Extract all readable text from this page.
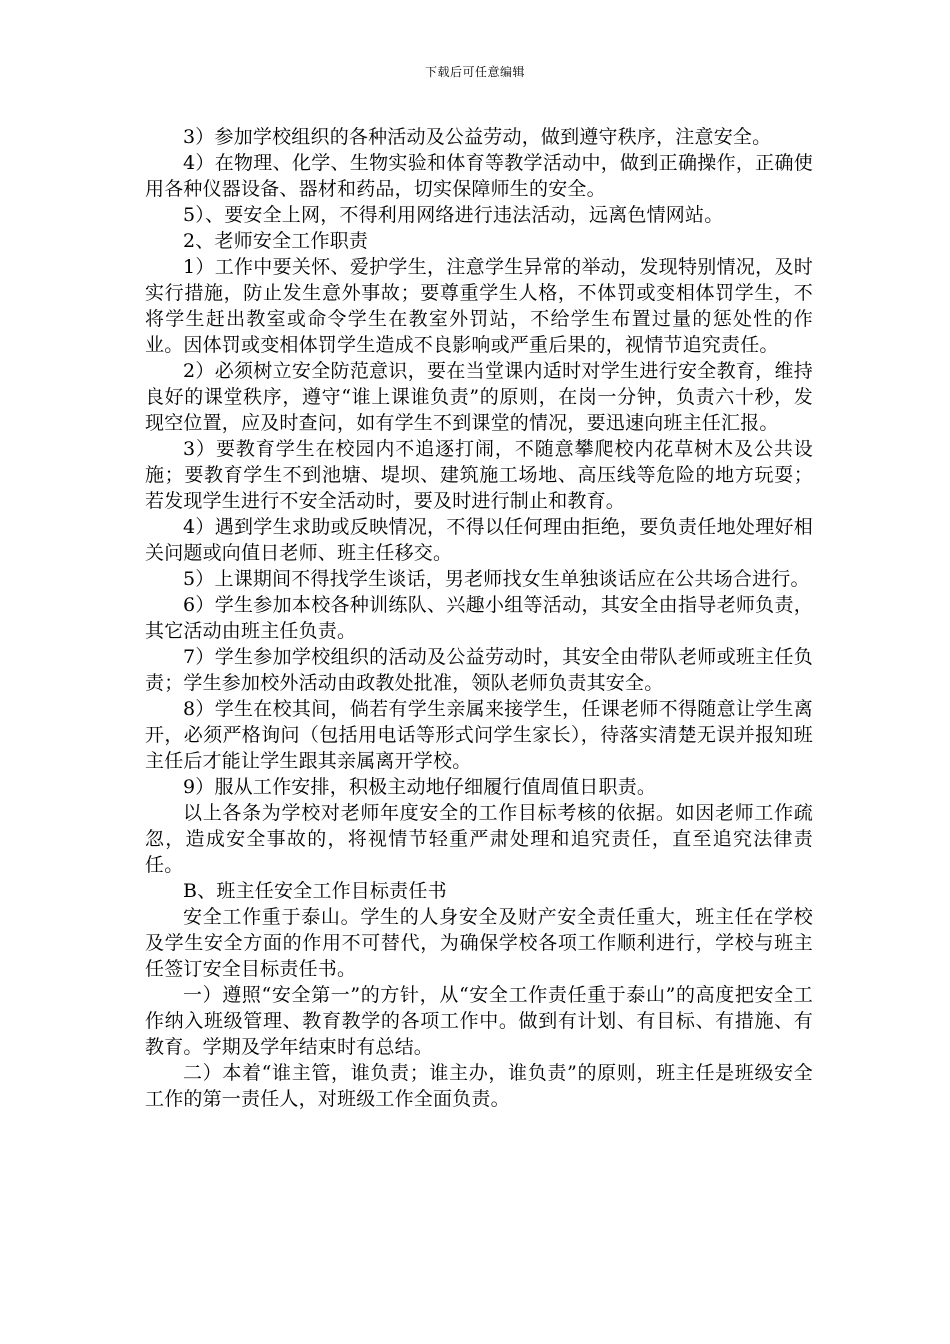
下载后可任意编辑

3）参加学校组织的各种活动及公益劳动，做到遵守秩序，注意安全。

4）在物理、化学、生物实验和体育等教学活动中，做到正确操作，正确使用各种仪器设备、器材和药品，切实保障师生的安全。

5）、要安全上网，不得利用网络进行违法活动，远离色情网站。

2、老师安全工作职责

1）工作中要关怀、爱护学生，注意学生异常的举动，发现特别情况，及时实行措施，防止发生意外事故；要尊重学生人格，不体罚或变相体罚学生，不将学生赶出教室或命令学生在教室外罚站，不给学生布置过量的惩处性的作业。因体罚或变相体罚学生造成不良影响或严重后果的，视情节追究责任。

2）必须树立安全防范意识，要在当堂课内适时对学生进行安全教育，维持良好的课堂秩序，遵守“谁上课谁负责”的原则，在岗一分钟，负责六十秒，发现空位置，应及时查问，如有学生不到课堂的情况，要迅速向班主任汇报。

3）要教育学生在校园内不追逐打闹，不随意攀爬校内花草树木及公共设施；要教育学生不到池塘、堤坝、建筑施工场地、高压线等危险的地方玩耍；若发现学生进行不安全活动时，要及时进行制止和教育。

4）遇到学生求助或反映情况，不得以任何理由拒绝，要负责任地处理好相关问题或向值日老师、班主任移交。

5）上课期间不得找学生谈话，男老师找女生单独谈话应在公共场合进行。

6）学生参加本校各种训练队、兴趣小组等活动，其安全由指导老师负责，其它活动由班主任负责。

7）学生参加学校组织的活动及公益劳动时，其安全由带队老师或班主任负责；学生参加校外活动由政教处批准，领队老师负责其安全。

8）学生在校其间，倘若有学生亲属来接学生，任课老师不得随意让学生离开，必须严格询问（包括用电话等形式问学生家长），待落实清楚无误并报知班主任后才能让学生跟其亲属离开学校。

9）服从工作安排，积极主动地仔细履行值周值日职责。

以上各条为学校对老师年度安全的工作目标考核的依据。如因老师工作疏忽，造成安全事故的，将视情节轻重严肃处理和追究责任，直至追究法律责任。

B、班主任安全工作目标责任书

安全工作重于泰山。学生的人身安全及财产安全责任重大，班主任在学校及学生安全方面的作用不可替代，为确保学校各项工作顺利进行，学校与班主任签订安全目标责任书。

一）遵照“安全第一”的方针，从“安全工作责任重于泰山”的高度把安全工作纳入班级管理、教育教学的各项工作中。做到有计划、有目标、有措施、有教育。学期及学年结束时有总结。

二）本着“谁主管，谁负责；谁主办，谁负责”的原则，班主任是班级安全工作的第一责任人，对班级工作全面负责。
